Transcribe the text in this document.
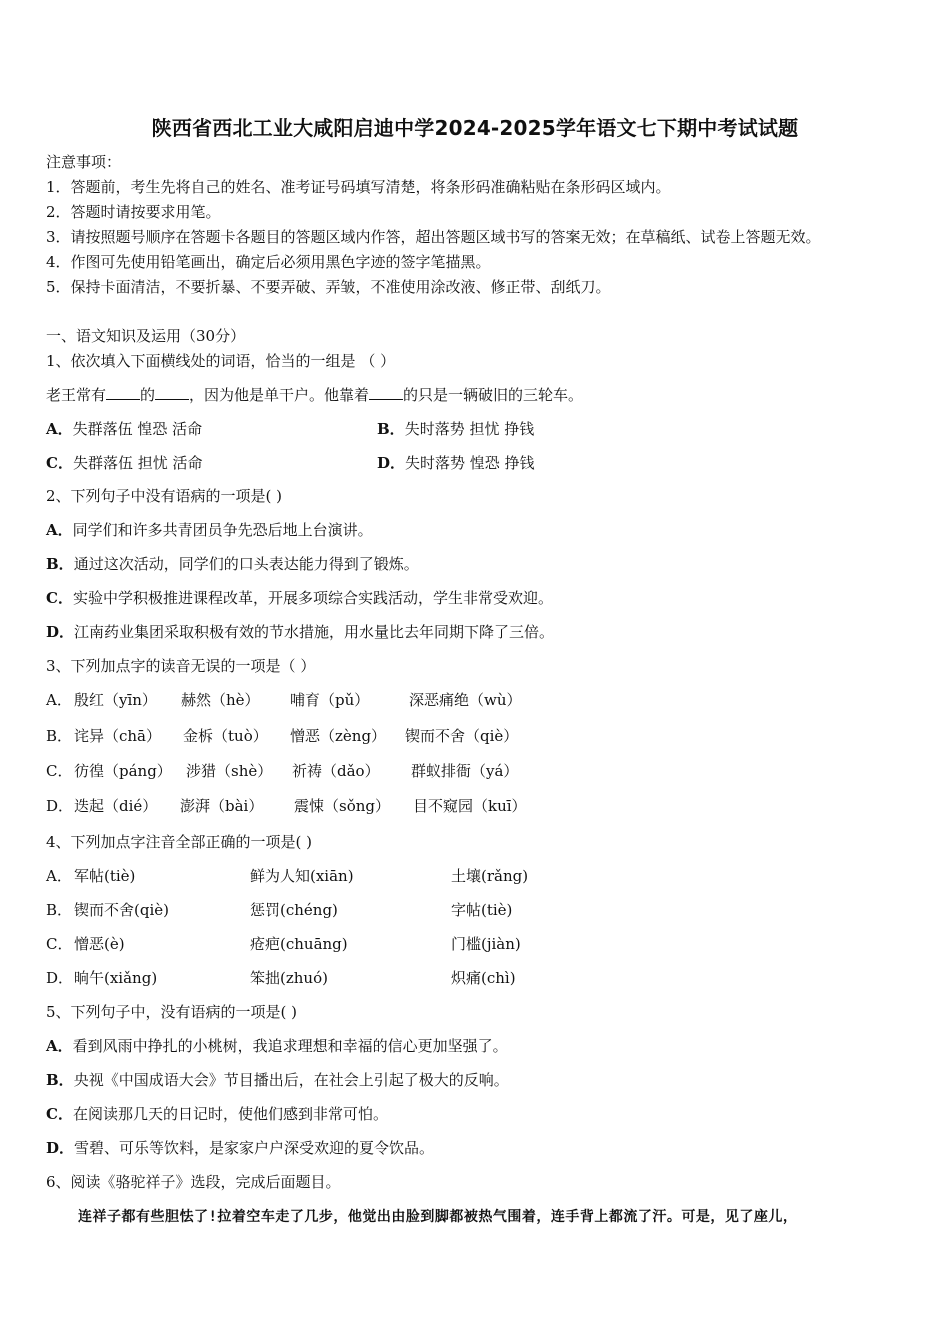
陕西省西北工业大咸阳启迪中学2024-2025学年语文七下期中考试试题
注意事项：
1．答题前，考生先将自己的姓名、准考证号码填写清楚，将条形码准确粘贴在条形码区域内。
2．答题时请按要求用笔。
3．请按照题号顺序在答题卡各题目的答题区域内作答，超出答题区域书写的答案无效；在草稿纸、试卷上答题无效。
4．作图可先使用铅笔画出，确定后必须用黑色字迹的签字笔描黑。
5．保持卡面清洁，不要折暴、不要弄破、弄皱，不准使用涂改液、修正带、刮纸刀。
一、语文知识及运用（30分）
1、依次填入下面横线处的词语，恰当的一组是 （ ）
老王常有 的 ，因为他是单干户。他靠着 的只是一辆破旧的三轮车。
A．失群落伍 惶恐 活命	B．失时落势 担忧 挣钱
C．失群落伍 担忧 活命	D．失时落势 惶恐 挣钱
2、下列句子中没有语病的一项是( )
A．同学们和许多共青团员争先恐后地上台演讲。
B．通过这次活动，同学们的口头表达能力得到了锻炼。
C．实验中学积极推进课程改革，开展多项综合实践活动，学生非常受欢迎。
D．江南药业集团采取积极有效的节水措施，用水量比去年同期下降了三倍。
3、下列加点字的读音无误的一项是（ ）
A． 殷红（yīn） 赫然（hè） 哺育（pǔ）	深恶痛绝（wù）
B． 诧异（chā） 金柝（tuò） 憎恶（zèng） 锲而不舍（qiè）
C． 彷徨（páng） 涉猎（shè） 祈祷（dǎo） 群蚁排衙（yá）
D． 迭起（dié） 澎湃（bài） 震悚（sǒng） 目不窥园（kuī）
4、下列加点字注音全部正确的一项是( )
A． 军帖(tiè)	鲜为人知(xiān)	土壤(rǎng)
B． 锲而不舍(qiè)	惩罚(chéng)	字帖(tiè)
C． 憎恶(è)	疮疤(chuāng)	门槛(jiàn)
D． 晌午(xiǎng)	笨拙(zhuó)	炽痛(chì)
5、下列句子中，没有语病的一项是( )
A．看到风雨中挣扎的小桃树，我追求理想和幸福的信心更加坚强了。
B．央视《中国成语大会》节目播出后，在社会上引起了极大的反响。
C．在阅读那几天的日记时，使他们感到非常可怕。
D．雪碧、可乐等饮料，是家家户户深受欢迎的夏令饮品。
6、阅读《骆驼祥子》选段，完成后面题目。
连祥子都有些胆怯了!拉着空车走了几步，他觉出由脸到脚都被热气围着，连手背上都流了汗。可是，见了座儿，
